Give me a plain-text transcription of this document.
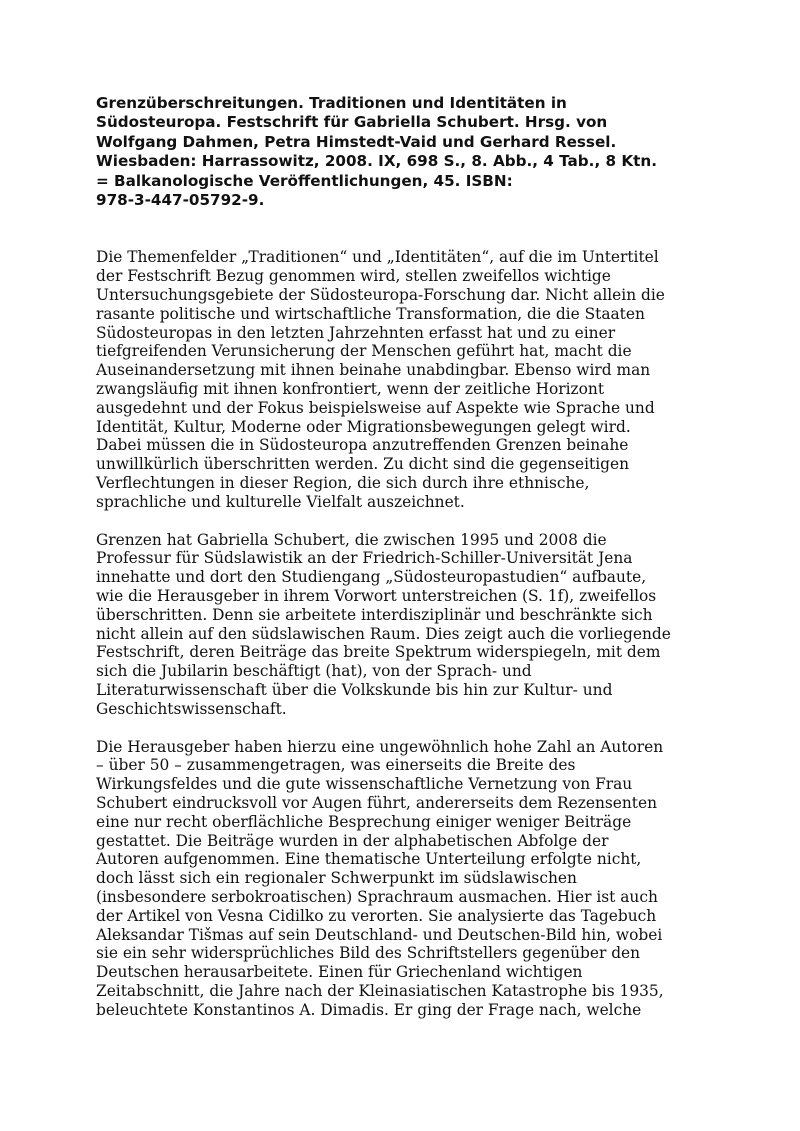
Grenzüberschreitungen. Traditionen und Identitäten in
Südosteuropa. Festschrift für Gabriella Schubert. Hrsg. von
Wolfgang Dahmen, Petra Himstedt-Vaid und Gerhard Ressel.
Wiesbaden: Harrassowitz, 2008. IX, 698 S., 8. Abb., 4 Tab., 8 Ktn.
= Balkanologische Veröffentlichungen, 45. ISBN:
978-3-447-05792-9.

Die Themenfelder „Traditionen“ und „Identitäten“, auf die im Untertitel
der Festschrift Bezug genommen wird, stellen zweifellos wichtige
Untersuchungsgebiete der Südosteuropa-Forschung dar. Nicht allein die
rasante politische und wirtschaftliche Transformation, die die Staaten
Südosteuropas in den letzten Jahrzehnten erfasst hat und zu einer
tiefgreifenden Verunsicherung der Menschen geführt hat, macht die
Auseinandersetzung mit ihnen beinahe unabdingbar. Ebenso wird man
zwangsläufig mit ihnen konfrontiert, wenn der zeitliche Horizont
ausgedehnt und der Fokus beispielsweise auf Aspekte wie Sprache und
Identität, Kultur, Moderne oder Migrationsbewegungen gelegt wird.
Dabei müssen die in Südosteuropa anzutreffenden Grenzen beinahe
unwillkürlich überschritten werden. Zu dicht sind die gegenseitigen
Verflechtungen in dieser Region, die sich durch ihre ethnische,
sprachliche und kulturelle Vielfalt auszeichnet.

Grenzen hat Gabriella Schubert, die zwischen 1995 und 2008 die
Professur für Südslawistik an der Friedrich-Schiller-Universität Jena
innehatte und dort den Studiengang „Südosteuropastudien“ aufbaute,
wie die Herausgeber in ihrem Vorwort unterstreichen (S. 1f), zweifellos
überschritten. Denn sie arbeitete interdisziplinär und beschränkte sich
nicht allein auf den südslawischen Raum. Dies zeigt auch die vorliegende
Festschrift, deren Beiträge das breite Spektrum widerspiegeln, mit dem
sich die Jubilarin beschäftigt (hat), von der Sprach- und
Literaturwissenschaft über die Volkskunde bis hin zur Kultur- und
Geschichtswissenschaft.

Die Herausgeber haben hierzu eine ungewöhnlich hohe Zahl an Autoren
– über 50 – zusammengetragen, was einerseits die Breite des
Wirkungsfeldes und die gute wissenschaftliche Vernetzung von Frau
Schubert eindrucksvoll vor Augen führt, andererseits dem Rezensenten
eine nur recht oberflächliche Besprechung einiger weniger Beiträge
gestattet. Die Beiträge wurden in der alphabetischen Abfolge der
Autoren aufgenommen. Eine thematische Unterteilung erfolgte nicht,
doch lässt sich ein regionaler Schwerpunkt im südslawischen
(insbesondere serbokroatischen) Sprachraum ausmachen. Hier ist auch
der Artikel von Vesna Cidilko zu verorten. Sie analysierte das Tagebuch
Aleksandar Tišmas auf sein Deutschland- und Deutschen-Bild hin, wobei
sie ein sehr widersprüchliches Bild des Schriftstellers gegenüber den
Deutschen herausarbeitete. Einen für Griechenland wichtigen
Zeitabschnitt, die Jahre nach der Kleinasiatischen Katastrophe bis 1935,
beleuchtete Konstantinos A. Dimadis. Er ging der Frage nach, welche
